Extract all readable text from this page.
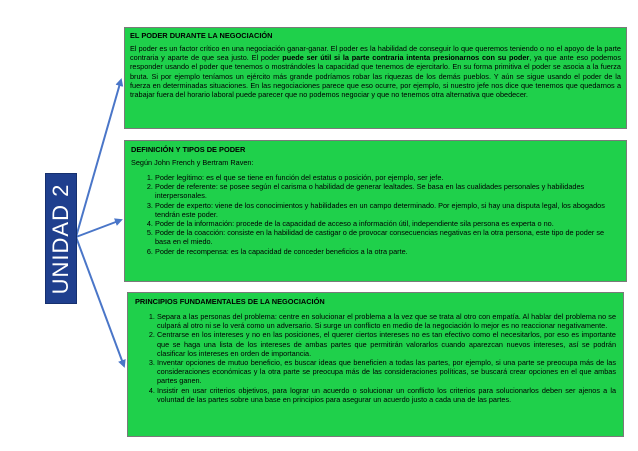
UNIDAD 2
EL PODER DURANTE LA NEGOCIACIÓN

El poder es un factor crítico en una negociación ganar-ganar. El poder es la habilidad de conseguir lo que queremos teniendo o no el apoyo de la parte contraria y aparte de que sea justo. El poder puede ser útil si la parte contraria intenta presionarnos con su poder, ya que ante eso podemos responder usando el poder que tenemos o mostrándoles la capacidad que tenemos de ejercitarlo. En su forma primitiva el poder se asocia a la fuerza bruta. Si por ejemplo teníamos un ejército más grande podríamos robar las riquezas de los demás pueblos. Y aún se sigue usando el poder de la fuerza en determinadas situaciones. En las negociaciones parece que eso ocurre, por ejemplo, si nuestro jefe nos dice que tenemos que quedarnos a trabajar fuera del horario laboral puede parecer que no podemos negociar y que no tenemos otra alternativa que obedecer.

DEFINICIÓN Y TIPOS DE PODER

Según John French y Bertram Raven:

1. Poder legítimo: es el que se tiene en función del estatus o posición, por ejemplo, ser jefe.
2. Poder de referente: se posee según el carisma o habilidad de generar lealtades. Se basa en las cualidades personales y habilidades interpersonales.
3. Poder de experto: viene de los conocimientos y habilidades en un campo determinado. Por ejemplo, si hay una disputa legal, los abogados tendrán este poder.
4. Poder de la información: procede de la capacidad de acceso a información útil, independiente sila persona es experta o no.
5. Poder de la coacción: consiste en la habilidad de castigar o de provocar consecuencias negativas en la otra persona, este tipo de poder se basa en el miedo.
6. Poder de recompensa: es la capacidad de conceder beneficios a la otra parte.
PRINCIPIOS FUNDAMENTALES DE LA NEGOCIACIÓN
1. Separa a las personas del problema: centre en solucionar el problema a la vez que se trata al otro con empatía. Al hablar del problema no se culpará al otro ni se lo verá como un adversario. Si surge un conflicto en medio de la negociación lo mejor es no reaccionar negativamente.
2. Centrarse en los intereses y no en las posiciones, el querer ciertos intereses no es tan efectivo como el necesitarlos, por eso es importante que se haga una lista de los intereses de ambas partes que permitirán valorarlos cuando aparezcan nuevos intereses, así se podrán clasificar los intereses en orden de importancia.
3. Inventar opciones de mutuo beneficio, es buscar ideas que beneficien a todas las partes, por ejemplo, si una parte se preocupa más de las consideraciones económicas y la otra parte se preocupa más de las consideraciones políticas, se buscará crear opciones en el que ambas partes ganen.
4. Insistir en usar criterios objetivos, para lograr un acuerdo o solucionar un conflicto los criterios para solucionarlos deben ser ajenos a la voluntad de las partes sobre una base en principios para asegurar un acuerdo justo a cada una de las partes.
